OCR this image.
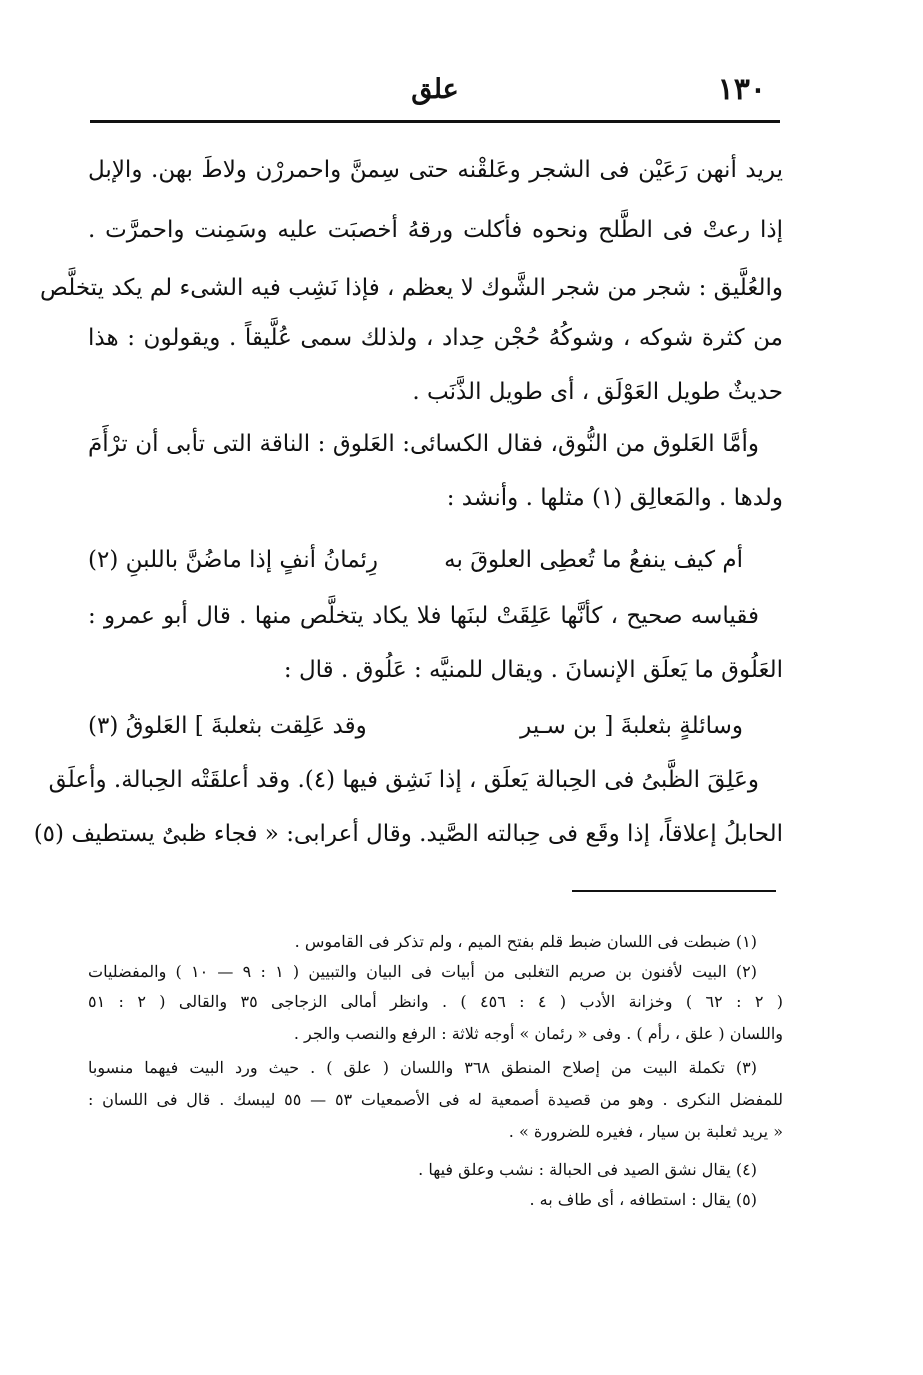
١٣٠
علق
يريد أنهن رَعَيْن فى الشجر وعَلقْنه حتى سِمنَّ واحمررْن ولاطَ بهن. والإبل
إذا رعتْ فى الطَّلح ونحوه فأكلت ورقهُ أخصبَت عليه وسَمِنت واحمرَّت .
والعُلَّيق : شجر من شجر الشَّوك لا يعظم ، فإذا نَشِب فيه الشىء لم يكد يتخلَّص
من كثرة شوكه ، وشوكُهُ حُجْن حِداد ، ولذلك سمى عُلَّيقاً . ويقولون : هذا
حديثٌ طويل العَوْلَق ، أى طويل الذَّنَب .
وأمَّا العَلوق من النُّوق، فقال الكسائى: العَلوق : الناقة التى تأبى أن ترْأَمَ
ولدها . والمَعالِق (١) مثلها . وأنشد :
أم كيف ينفعُ ما تُعطِى العلوقَ به
رِئمانُ أنفٍ إذا ماضُنَّ باللبنِ (٢)
فقياسه صحيح ، كأنَّها عَلِقَتْ لبنَها فلا يكاد يتخلَّص منها . قال أبو عمرو :
العَلُوق ما يَعلَق الإنسانَ . ويقال للمنيَّه : عَلُوق . قال :
وسائلةٍ بثعلبةَ [ بن سـير
وقد عَلِقت بثعلبةَ ] العَلوقُ (٣)
وعَلِقَ الظَّبىُ فى الحِبالة يَعلَق ، إذا نَشِق فيها (٤). وقد أعلقَتْه الحِبالة. وأعلَق
الحابلُ إعلاقاً، إذا وقَع فى حِبالته الصَّيد. وقال أعرابى: « فجاء ظبىٌ يستطيف (٥)
(١) ضبطت فى اللسان ضبط قلم بفتح الميم ، ولم تذكر فى القاموس .
(٢) البيت لأفنون بن صريم التغلبى من أبيات فى البيان والتبيين ( ١ : ٩ — ١٠ ) والمفضليات
( ٢ : ٦٢ ) وخزانة الأدب ( ٤ : ٤٥٦ ) . وانظر أمالى الزجاجى ٣٥ والقالى ( ٢ : ٥١
واللسان ( علق ، رأم ) . وفى « رئمان » أوجه ثلاثة : الرفع والنصب والجر .
(٣) تكملة البيت من إصلاح المنطق ٣٦٨ واللسان ( علق ) . حيث ورد البيت فيهما منسوبا
للمفضل النكرى . وهو من قصيدة أصمعية له فى الأصمعيات ٥٣ — ٥٥ ليبسك . قال فى اللسان :
« يريد ثعلبة بن سيار ، فغيره للضرورة » .
(٤) يقال نشق الصيد فى الحبالة : نشب وعلق فيها .
(٥) يقال : استطافه ، أى طاف به .
